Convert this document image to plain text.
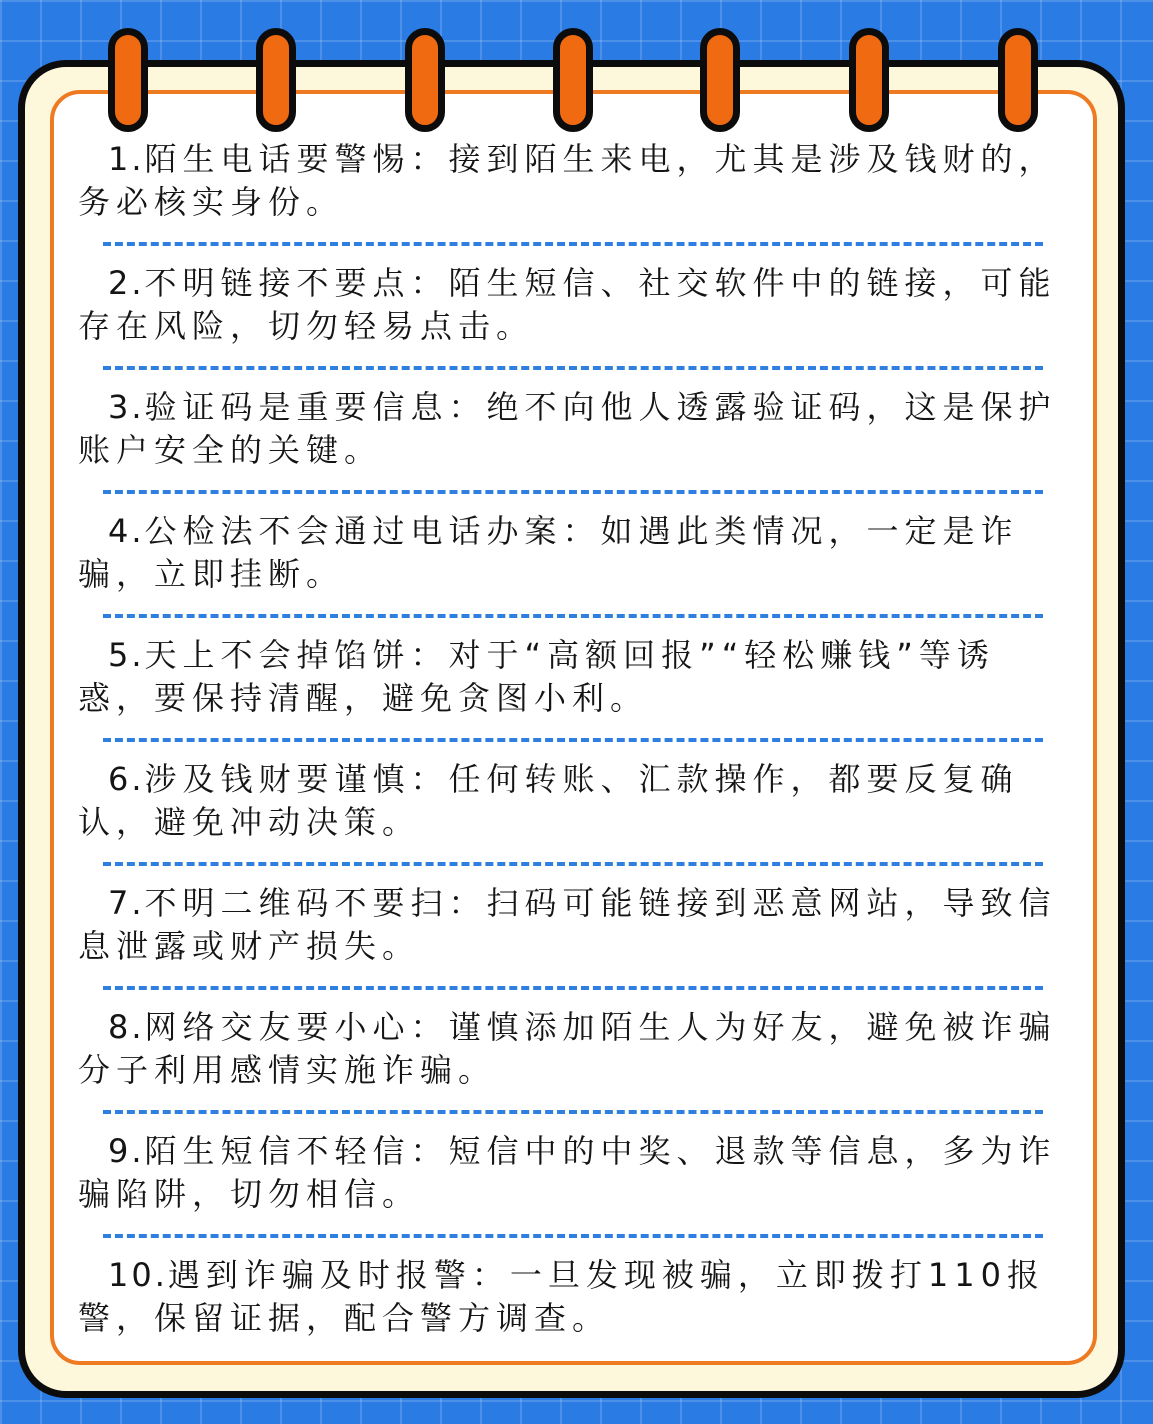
1.陌生电话要警惕：接到陌生来电，尤其是涉及钱财的，务必核实身份。

2.不明链接不要点：陌生短信、社交软件中的链接，可能存在风险，切勿轻易点击。

3.验证码是重要信息：绝不向他人透露验证码，这是保护账户安全的关键。

4.公检法不会通过电话办案：如遇此类情况，一定是诈骗，立即挂断。

5.天上不会掉馅饼：对于“高额回报”“轻松赚钱”等诱惑，要保持清醒，避免贪图小利。

6.涉及钱财要谨慎：任何转账、汇款操作，都要反复确认，避免冲动决策。

7.不明二维码不要扫：扫码可能链接到恶意网站，导致信息泄露或财产损失。

8.网络交友要小心：谨慎添加陌生人为好友，避免被诈骗分子利用感情实施诈骗。

9.陌生短信不轻信：短信中的中奖、退款等信息，多为诈骗陷阱，切勿相信。

10.遇到诈骗及时报警：一旦发现被骗，立即拨打110报警，保留证据，配合警方调查。
